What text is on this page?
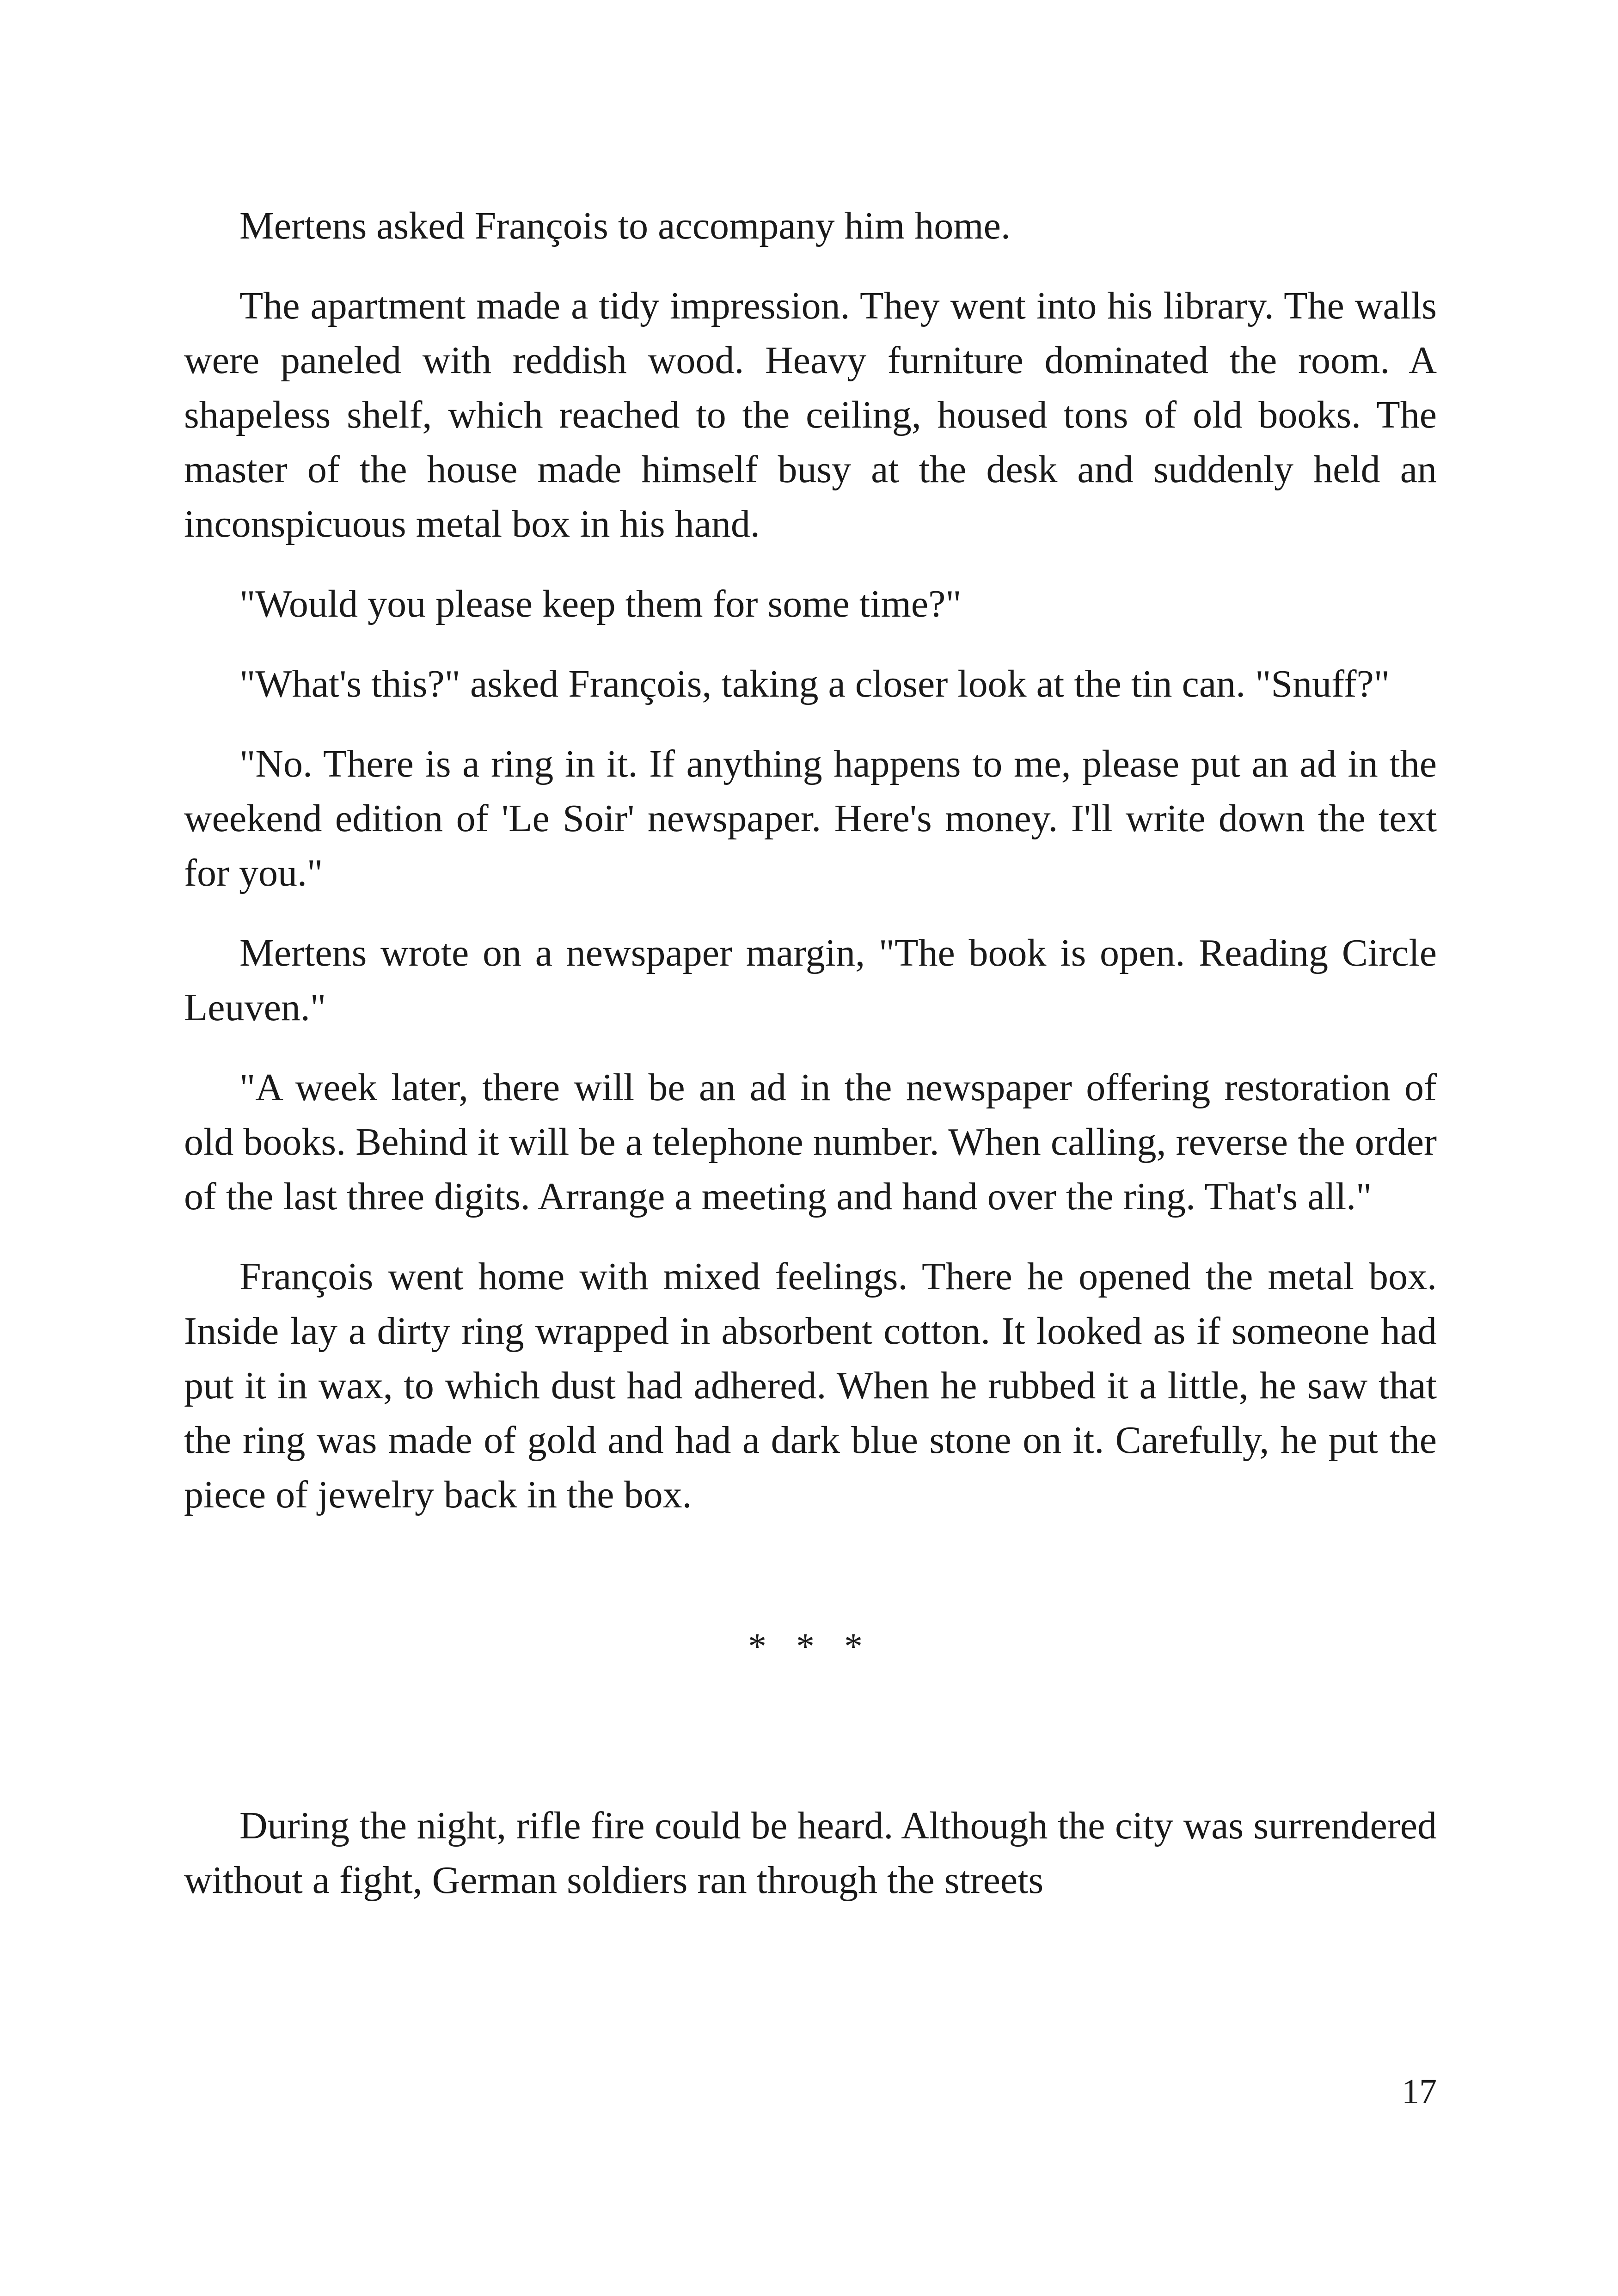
Mertens asked François to accompany him home.

The apartment made a tidy impression. They went into his library. The walls were paneled with reddish wood. Heavy furniture dominated the room. A shapeless shelf, which reached to the ceiling, housed tons of old books. The master of the house made himself busy at the desk and suddenly held an inconspicuous metal box in his hand.

"Would you please keep them for some time?"

"What's this?" asked François, taking a closer look at the tin can. "Snuff?"

"No. There is a ring in it. If anything happens to me, please put an ad in the weekend edition of 'Le Soir' newspaper. Here's money. I'll write down the text for you."

Mertens wrote on a newspaper margin, "The book is open. Reading Circle Leuven."

"A week later, there will be an ad in the newspaper offering restoration of old books. Behind it will be a telephone number. When calling, reverse the order of the last three digits. Arrange a meeting and hand over the ring. That's all."

François went home with mixed feelings. There he opened the metal box. Inside lay a dirty ring wrapped in absorbent cotton. It looked as if someone had put it in wax, to which dust had adhered. When he rubbed it a little, he saw that the ring was made of gold and had a dark blue stone on it. Carefully, he put the piece of jewelry back in the box.

* * *

During the night, rifle fire could be heard. Although the city was surrendered without a fight, German soldiers ran through the streets

17
